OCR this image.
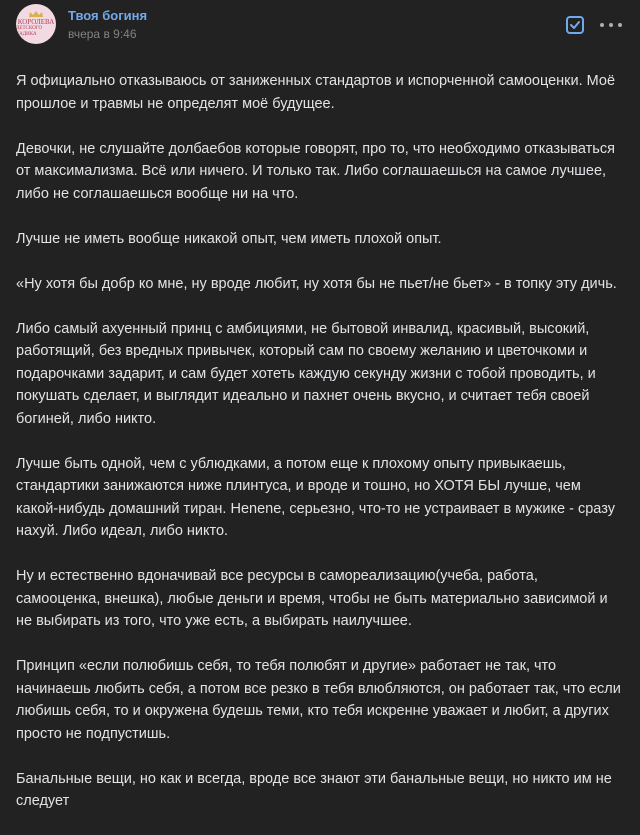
КОРОЛЕВА
ДЕТСКОГО САДИКА
Твоя богиня
вчера в 9:46

Я официально отказываюсь от заниженных стандартов и испорченной самооценки. Моё прошлое и травмы не определят моё будущее.

Девочки, не слушайте долбаебов которые говорят, про то, что необходимо отказываться от максимализма. Всё или ничего. И только так. Либо соглашаешься на самое лучшее, либо не соглашаешься вообще ни на что.

Лучше не иметь вообще никакой опыт, чем иметь плохой опыт.

«Ну хотя бы добр ко мне, ну вроде любит, ну хотя бы не пьет/не бьет» - в топку эту дичь.

Либо самый ахуенный принц с амбициями, не бытовой инвалид, красивый, высокий, работящий, без вредных привычек, который сам по своему желанию и цветочкоми и подарочками задарит, и сам будет хотеть каждую секунду жизни с тобой проводить, и покушать сделает, и выглядит идеально и пахнет очень вкусно, и считает тебя своей богиней, либо никто.

Лучше быть одной, чем с ублюдками, а потом еще к плохому опыту привыкаешь, стандартики занижаются ниже плинтуса, и вроде и тошно, но ХОТЯ БЫ лучше, чем какой-нибудь домашний тиран. Нenene, серьезно, что-то не устраивает в мужике - сразу нахуй. Либо идеал, либо никто.

Ну и естественно вдоначивай все ресурсы в самореализацию(учеба, работа, самооценка, внешка), любые деньги и время, чтобы не быть материально зависимой и не выбирать из того, что уже есть, а выбирать наилучшее.

Принцип «если полюбишь себя, то тебя полюбят и другие» работает не так, что начинаешь любить себя, а потом все резко в тебя влюбляются, он работает так, что если любишь себя, то и окружена будешь теми, кто тебя искренне уважает и любит, а других просто не подпустишь.

Банальные вещи, но как и всегда, вроде все знают эти банальные вещи, но никто им не следует
